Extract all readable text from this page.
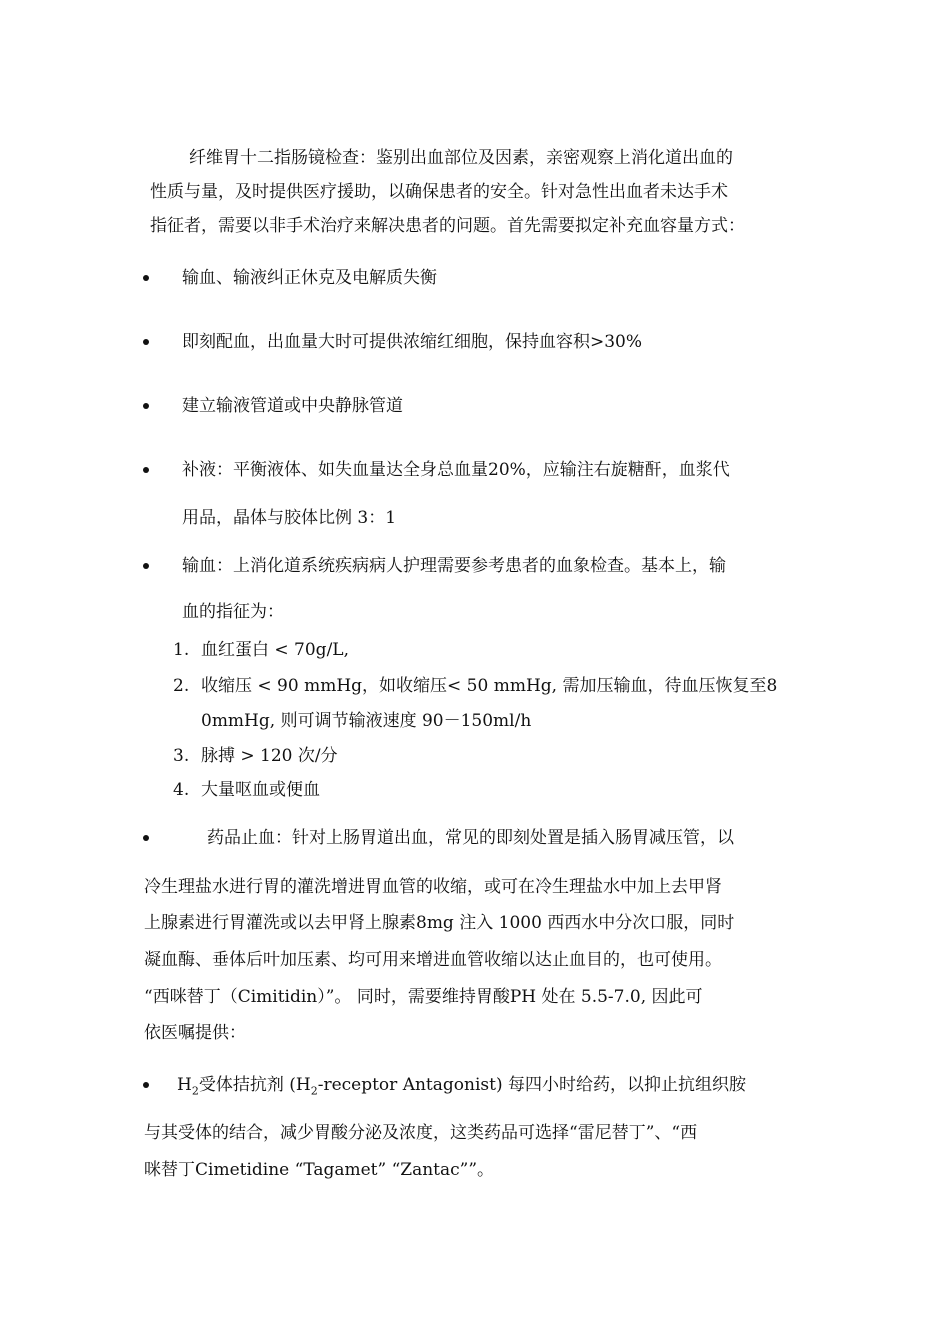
纤维胃十二指肠镜检查：鉴别出血部位及因素，亲密观察上消化道出血的
性质与量，及时提供医疗援助，以确保患者的安全。针对急性出血者未达手术
指征者，需要以非手术治疗来解决患者的问题。首先需要拟定补充血容量方式：
输血、输液纠正休克及电解质失衡
即刻配血，出血量大时可提供浓缩红细胞，保持血容积>30%
建立输液管道或中央静脉管道
补液：平衡液体、如失血量达全身总血量20%，应输注右旋糖酐，血浆代
用品，晶体与胶体比例 3：1
输血：上消化道系统疾病病人护理需要参考患者的血象检查。基本上，输
血的指征为：
1. 血红蛋白 < 70g/L,
2. 收缩压 < 90 mmHg，如收缩压< 50 mmHg, 需加压输血，待血压恢复至8
0mmHg, 则可调节输液速度 90－150ml/h
3. 脉搏 > 120 次/分
4. 大量呕血或便血
药品止血：针对上肠胃道出血，常见的即刻处置是插入肠胃减压管，以
冷生理盐水进行胃的灌洗增进胃血管的收缩，或可在冷生理盐水中加上去甲肾
上腺素进行胃灌洗或以去甲肾上腺素8mg 注入 1000 西西水中分次口服，同时
凝血酶、垂体后叶加压素、均可用来增进血管收缩以达止血目的，也可使用。
“西咪替丁（Cimitidin）”。 同时，需要维持胃酸PH 处在 5.5-7.0, 因此可
依医嘱提供：
$H_2$受体拮抗剂 ($H_2$-receptor Antagonist) 每四小时给药，以抑止抗组织胺
与其受体的结合，减少胃酸分泌及浓度，这类药品可选择“雷尼替丁”、“西
咪替丁Cimetidine “Tagamet” “Zantac””。
